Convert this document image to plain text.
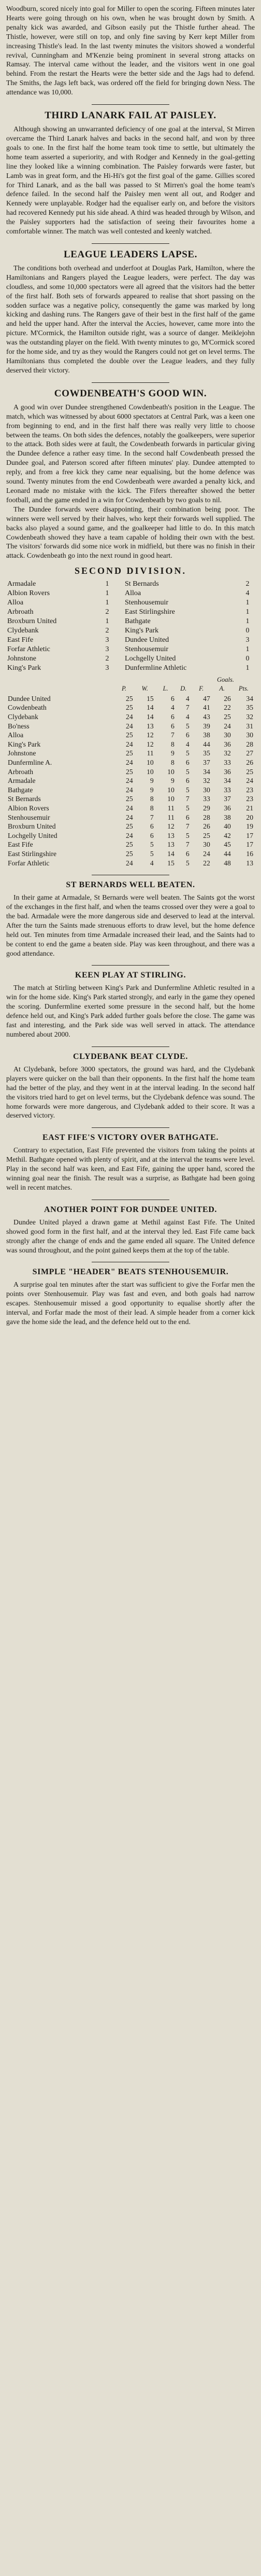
Woodburn, scored nicely into goal for Miller to open the scoring. Fifteen minutes later Hearts were going through on his own, when he was brought down by Smith. A penalty kick was awarded, and Gibson easily put the Thistle further ahead. The Thistle, however, were still on top, and only fine saving by Kerr kept Miller from increasing Thistle's lead. In the last twenty minutes the visitors showed a wonderful revival, Cunningham and M'Kenzie being prominent in several strong attacks on Ramsay. The interval came without the leader, and the visitors went in one goal behind. From the restart the Hearts were the better side and the Jags had to defend. The Smiths, the Jags left back, was ordered off the field for bringing down Ness. The attendance was 10,000.

THIRD LANARK FAIL AT PAISLEY.

Although showing an unwarranted deficiency of one goal at the interval, St Mirren overcame the Third Lanark halves and backs in the second half, and won by three goals to one. In the first half the home team took time to settle, but ultimately the home team asserted a superiority, and with Rodger and Kennedy in the goal-getting line they looked like a winning combination. The Paisley forwards were faster, but Lamb was in great form, and the Hi-Hi's got the first goal of the game. Gillies scored for Third Lanark, and as the ball was passed to St Mirren's goal the home team's defence failed. In the second half the Paisley men went all out, and Rodger and Kennedy were unplayable. Rodger had the equaliser early on, and before the visitors had recovered Kennedy put his side ahead. A third was headed through by Wilson, and the Paisley supporters had the satisfaction of seeing their favourites home a comfortable winner. The match was well contested and keenly watched.

LEAGUE LEADERS LAPSE.

The conditions both overhead and underfoot at Douglas Park, Hamilton, where the Hamiltonians and Rangers played the League leaders, were perfect. The day was cloudless, and some 10,000 spectators were all agreed that the visitors had the better of the first half. Both sets of forwards appeared to realise that short passing on the sodden surface was a negative policy, consequently the game was marked by long kicking and dashing runs. The Rangers gave of their best in the first half of the game and held the upper hand. After the interval the Accies, however, came more into the picture. M'Cormick, the Hamilton outside right, was a source of danger. Meiklejohn was the outstanding player on the field. With twenty minutes to go, M'Cormick scored for the home side, and try as they would the Rangers could not get on level terms. The Hamiltonians thus completed the double over the League leaders, and they fully deserved their victory.

COWDENBEATH'S GOOD WIN.

A good win over Dundee strengthened Cowdenbeath's position in the League. The match, which was witnessed by about 6000 spectators at Central Park, was a keen one from beginning to end, and in the first half there was really very little to choose between the teams. On both sides the defences, notably the goalkeepers, were superior to the attack. Both sides were at fault, the Cowdenbeath forwards in particular giving the Dundee defence a rather easy time. In the second half Cowdenbeath pressed the Dundee goal, and Paterson scored after fifteen minutes' play. Dundee attempted to reply, and from a free kick they came near equalising, but the home defence was sound. Twenty minutes from the end Cowdenbeath were awarded a penalty kick, and Leonard made no mistake with the kick. The Fifers thereafter showed the better football, and the game ended in a win for Cowdenbeath by two goals to nil.

The Dundee forwards were disappointing, their combination being poor. The winners were well served by their halves, who kept their forwards well supplied. The backs also played a sound game, and the goalkeeper had little to do. In this match Cowdenbeath showed they have a team capable of holding their own with the best. The visitors' forwards did some nice work in midfield, but there was no finish in their attack. Cowdenbeath go into the next round in good heart.

SECOND DIVISION.
Armadale	1		St Bernards	2
Albion Rovers	1		Alloa	4
Alloa	1		Stenhousemuir	1
Arbroath	2		East Stirlingshire	1
Broxburn United	1		Bathgate	1
Clydebank	2		King's Park	0
East Fife	3		Dundee United	3
Forfar Athletic	3		Stenhousemuir	1
Johnstone	2		Lochgelly United	0
King's Park	3		Dunfermline Athletic	1
Goals.
	P.	W.	L.	D.	F.	A.	Pts.
Dundee United	25	15	6	4	47	26	34
Cowdenbeath	25	14	4	7	41	22	35
Clydebank	24	14	6	4	43	25	32
Bo'ness	24	13	6	5	39	24	31
Alloa	25	12	7	6	38	30	30
King's Park	24	12	8	4	44	36	28
Johnstone	25	11	9	5	35	32	27
Dunfermline A.	24	10	8	6	37	33	26
Arbroath	25	10	10	5	34	36	25
Armadale	24	9	9	6	32	34	24
Bathgate	24	9	10	5	30	33	23
St Bernards	25	8	10	7	33	37	23
Albion Rovers	24	8	11	5	29	36	21
Stenhousemuir	24	7	11	6	28	38	20
Broxburn United	25	6	12	7	26	40	19
Lochgelly United	24	6	13	5	25	42	17
East Fife	25	5	13	7	30	45	17
East Stirlingshire	25	5	14	6	24	44	16
Forfar Athletic	24	4	15	5	22	48	13
ST BERNARDS WELL BEATEN.

In their game at Armadale, St Bernards were well beaten. The Saints got the worst of the exchanges in the first half, and when the teams crossed over they were a goal to the bad. Armadale were the more dangerous side and deserved to lead at the interval. After the turn the Saints made strenuous efforts to draw level, but the home defence held out. Ten minutes from time Armadale increased their lead, and the Saints had to be content to end the game a beaten side. Play was keen throughout, and there was a good attendance.

KEEN PLAY AT STIRLING.

The match at Stirling between King's Park and Dunfermline Athletic resulted in a win for the home side. King's Park started strongly, and early in the game they opened the scoring. Dunfermline exerted some pressure in the second half, but the home defence held out, and King's Park added further goals before the close. The game was fast and interesting, and the Park side was well served in attack. The attendance numbered about 2000.

CLYDEBANK BEAT CLYDE.

At Clydebank, before 3000 spectators, the ground was hard, and the Clydebank players were quicker on the ball than their opponents. In the first half the home team had the better of the play, and they went in at the interval leading. In the second half the visitors tried hard to get on level terms, but the Clydebank defence was sound. The home forwards were more dangerous, and Clydebank added to their score. It was a deserved victory.

EAST FIFE'S VICTORY OVER BATHGATE.

Contrary to expectation, East Fife prevented the visitors from taking the points at Methil. Bathgate opened with plenty of spirit, and at the interval the teams were level. Play in the second half was keen, and East Fife, gaining the upper hand, scored the winning goal near the finish. The result was a surprise, as Bathgate had been going well in recent matches.

ANOTHER POINT FOR DUNDEE UNITED.

Dundee United played a drawn game at Methil against East Fife. The United showed good form in the first half, and at the interval they led. East Fife came back strongly after the change of ends and the game ended all square. The United defence was sound throughout, and the point gained keeps them at the top of the table.

SIMPLE "HEADER" BEATS STENHOUSEMUIR.

A surprise goal ten minutes after the start was sufficient to give the Forfar men the points over Stenhousemuir. Play was fast and even, and both goals had narrow escapes. Stenhousemuir missed a good opportunity to equalise shortly after the interval, and Forfar made the most of their lead. A simple header from a corner kick gave the home side the lead, and the defence held out to the end.
